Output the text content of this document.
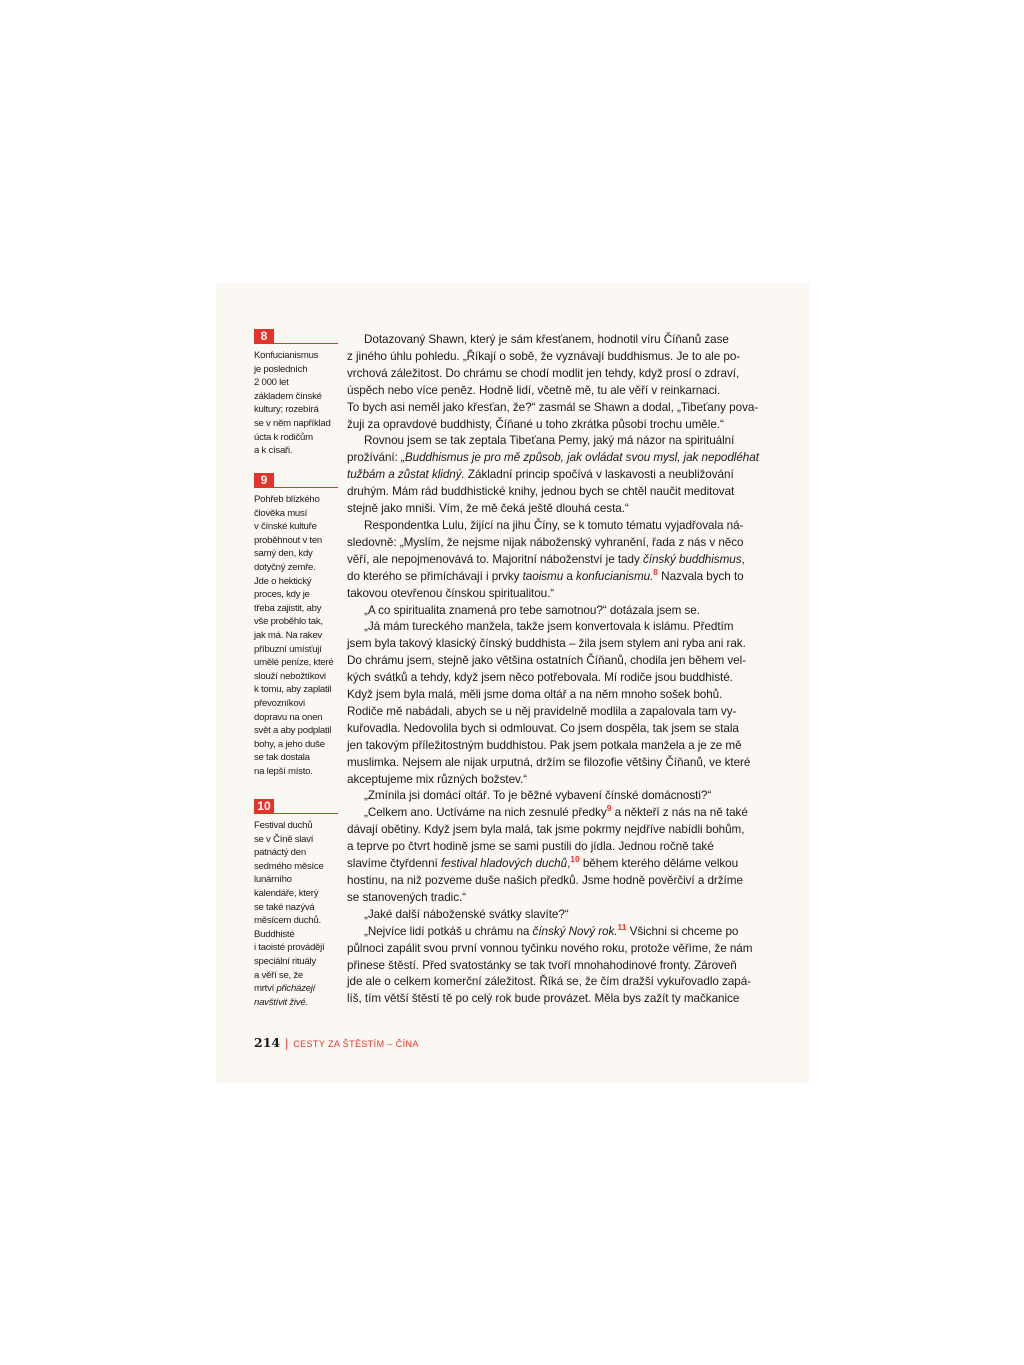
8

Konfucianismus

je posledních

2 000 let

základem čínské

kultury; rozebírá

se v něm například

úcta k rodičům

a k císaři.

9

Pohřeb blízkého

člověka musí

v čínské kultuře

proběhnout v ten

samý den, kdy

dotyčný zemře.

Jde o hektický

proces, kdy je

třeba zajistit, aby

vše proběhlo tak,

jak má. Na rakev

příbuzní umísťují

umělé peníze, které

slouží nebožtíkovi

k tomu, aby zaplatil

převozníkovi

dopravu na onen

svět a aby podplatil

bohy, a jeho duše

se tak dostala

na lepší místo.

10

Festival duchů

se v Číně slaví

patnáctý den

sedmého měsíce

lunárního

kalendáře, který

se také nazývá

měsícem duchů.

Buddhisté

i taoisté provádějí

speciální rituály

a věří se, že

mrtví přicházejí

navštívit živé.

Dotazovaný Shawn, který je sám křesťanem, hodnotil víru Číňanů zase
z jiného úhlu pohledu. „Říkají o sobě, že vyznávají buddhismus. Je to ale po-
vrchová záležitost. Do chrámu se chodí modlit jen tehdy, když prosí o zdraví,
úspěch nebo více peněz. Hodně lidí, včetně mě, tu ale věří v reinkarnaci.
To bych asi neměl jako křesťan, že?“ zasmál se Shawn a dodal, „Tibeťany pova-
žuji za opravdové buddhisty, Číňané u toho zkrátka působí trochu uměle.“
Rovnou jsem se tak zeptala Tibeťana Pemy, jaký má názor na spirituální
prožívání: „Buddhismus je pro mě způsob, jak ovládat svou mysl, jak nepodléhat
tužbám a zůstat klidný. Základní princip spočívá v laskavosti a neubližování
druhým. Mám rád buddhistické knihy, jednou bych se chtěl naučit meditovat
stejně jako mniši. Vím, že mě čeká ještě dlouhá cesta.“
Respondentka Lulu, žijící na jihu Číny, se k tomuto tématu vyjadřovala ná-
sledovně: „Myslím, že nejsme nijak náboženský vyhranění, řada z nás v něco
věří, ale nepojmenovává to. Majoritní náboženství je tady čínský buddhismus,
do kterého se přimíchávají i prvky taoismu a konfucianismu.$^8$ Nazvala bych to
takovou otevřenou čínskou spiritualitou.“
„A co spiritualita znamená pro tebe samotnou?“ dotázala jsem se.
„Já mám tureckého manžela, takže jsem konvertovala k islámu. Předtím
jsem byla takový klasický čínský buddhista – žila jsem stylem ani ryba ani rak.
Do chrámu jsem, stejně jako většina ostatních Číňanů, chodila jen během vel-
kých svátků a tehdy, když jsem něco potřebovala. Mí rodiče jsou buddhisté.
Když jsem byla malá, měli jsme doma oltář a na něm mnoho sošek bohů.
Rodiče mě nabádali, abych se u něj pravidelně modlila a zapalovala tam vy-
kuřovadla. Nedovolila bych si odmlouvat. Co jsem dospěla, tak jsem se stala
jen takovým příležitostným buddhistou. Pak jsem potkala manžela a je ze mě
muslimka. Nejsem ale nijak urputná, držím se filozofie většiny Číňanů, ve které
akceptujeme mix různých božstev.“
„Zmínila jsi domácí oltář. To je běžné vybavení čínské domácnosti?“
„Celkem ano. Uctíváme na nich zesnulé předky$^9$ a někteří z nás na ně také
dávají obětiny. Když jsem byla malá, tak jsme pokrmy nejdříve nabídli bohům,
a teprve po čtvrt hodině jsme se sami pustili do jídla. Jednou ročně také
slavíme čtyřdenní festival hladových duchů,$^{10}$ během kterého děláme velkou
hostinu, na niž pozveme duše našich předků. Jsme hodně pověrčiví a držíme
se stanovených tradic.“
„Jaké další náboženské svátky slavíte?“
„Nejvíce lidí potkáš u chrámu na čínský Nový rok.$^{11}$ Všichni si chceme po
půlnoci zapálit svou první vonnou tyčinku nového roku, protože věříme, že nám
přinese štěstí. Před svatostánky se tak tvoří mnohahodinové fronty. Zároveň
jde ale o celkem komerční záležitost. Říká se, že čím dražší vykuřovadlo zapá-
líš, tím větší štěstí tě po celý rok bude provázet. Měla bys zažít ty mačkanice
214 | CESTY ZA ŠTĚSTÍM – ČÍNA
